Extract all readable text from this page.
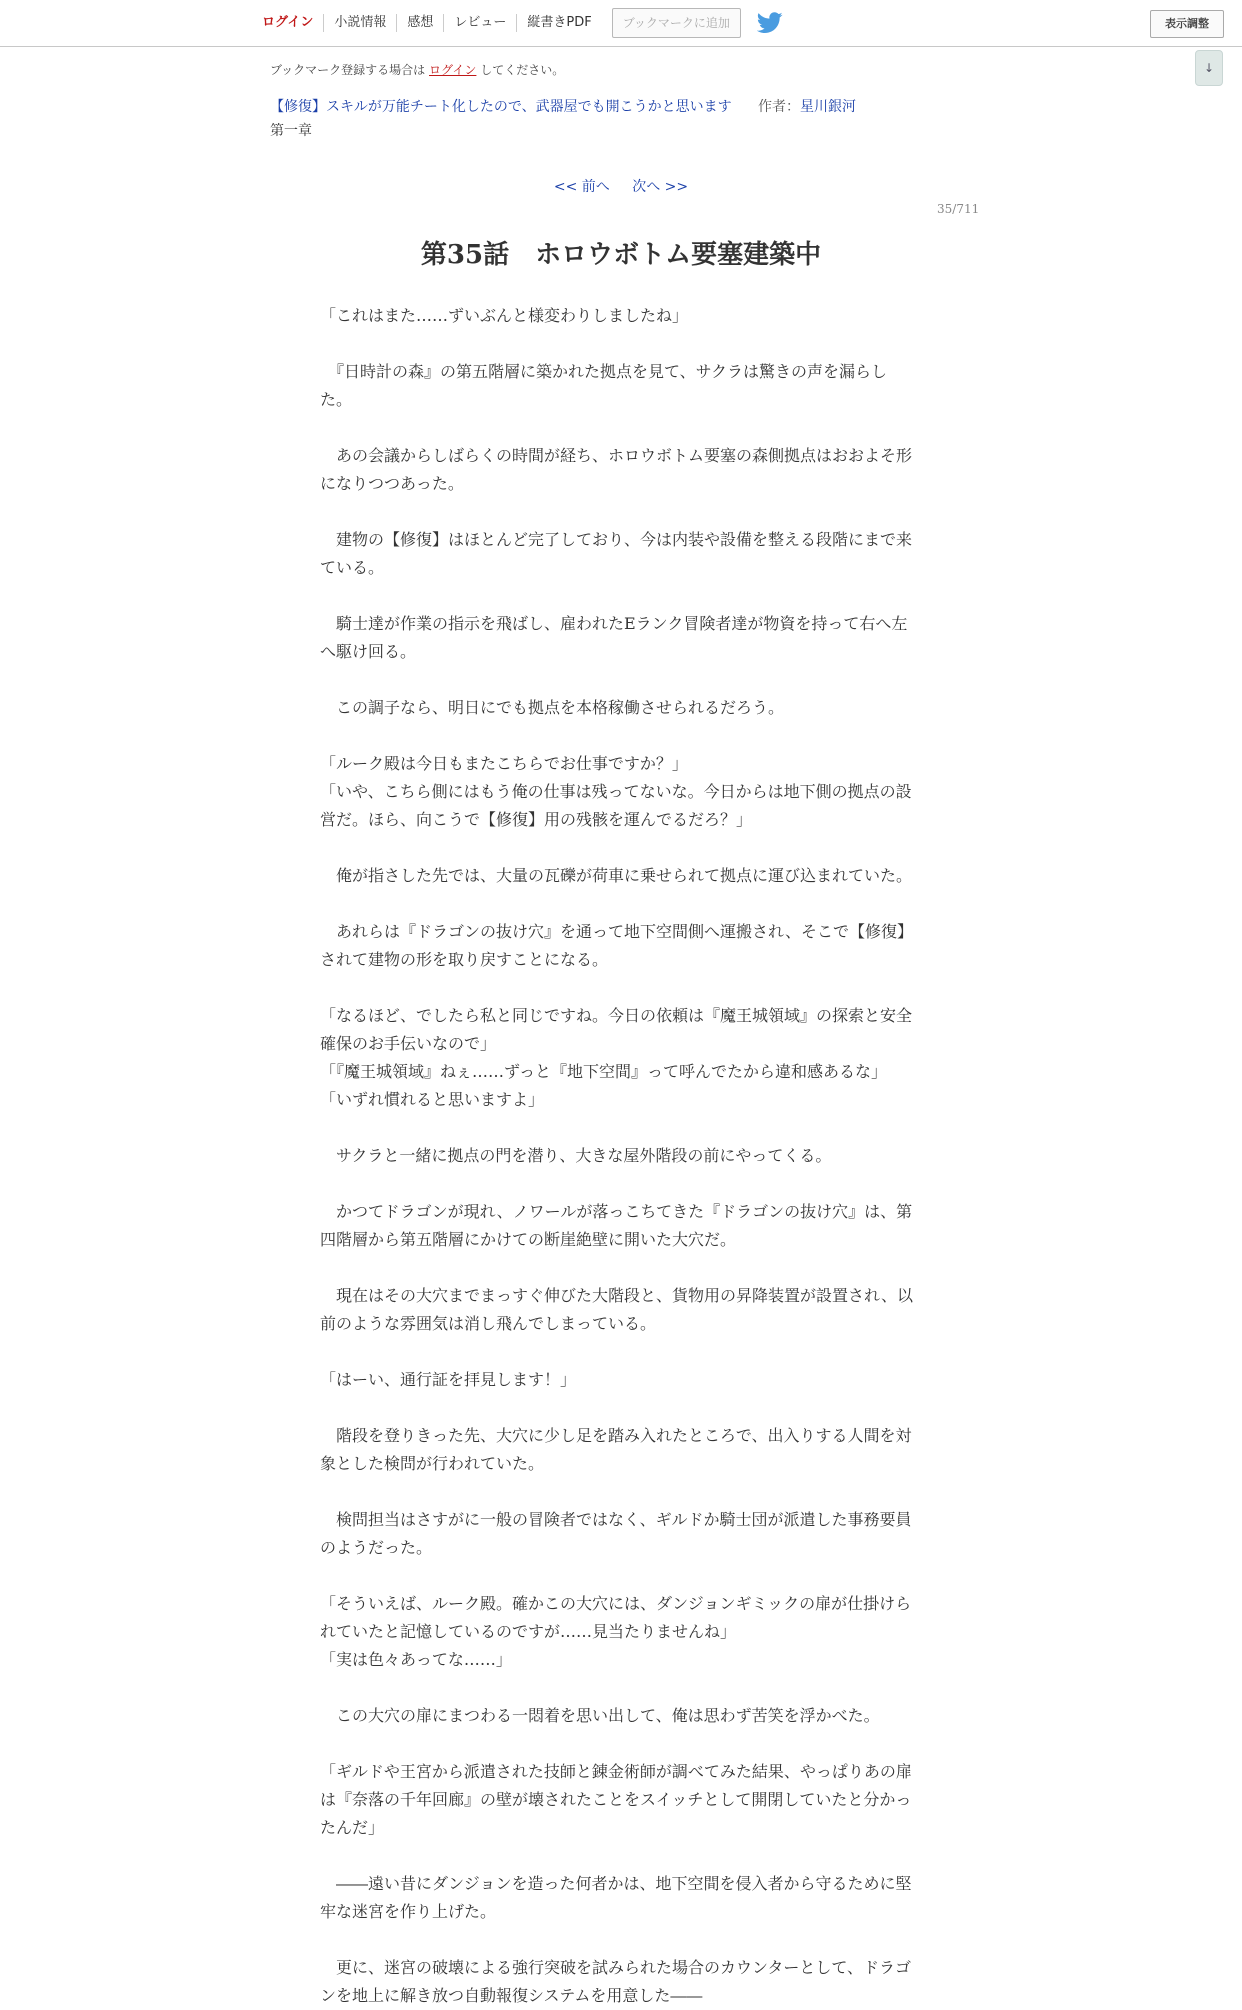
ログイン	小説情報	感想	レビュー	縦書きPDF	ブックマークに追加	表示調整
↓
ブックマーク登録する場合は ログイン してください。
【修復】スキルが万能チート化したので、武器屋でも開こうかと思います 作者：星川銀河
第一章
<< 前へ 次へ >>
35/711
第35話　ホロウボトム要塞建築中

「これはまた……ずいぶんと様変わりしましたね」

　『日時計の森』の第五階層に築かれた拠点を見て、サクラは驚きの声を漏らした。

　あの会議からしばらくの時間が経ち、ホロウボトム要塞の森側拠点はおおよそ形になりつつあった。

　建物の【修復】はほとんど完了しており、今は内装や設備を整える段階にまで来ている。

　騎士達が作業の指示を飛ばし、雇われたEランク冒険者達が物資を持って右へ左へ駆け回る。

　この調子なら、明日にでも拠点を本格稼働させられるだろう。

「ルーク殿は今日もまたこちらでお仕事ですか？」

「いや、こちら側にはもう俺の仕事は残ってないな。今日からは地下側の拠点の設営だ。ほら、向こうで【修復】用の残骸を運んでるだろ？」

　俺が指さした先では、大量の瓦礫が荷車に乗せられて拠点に運び込まれていた。

　あれらは『ドラゴンの抜け穴』を通って地下空間側へ運搬され、そこで【修復】されて建物の形を取り戻すことになる。

「なるほど、でしたら私と同じですね。今日の依頼は『魔王城領域』の探索と安全確保のお手伝いなので」

「『魔王城領域』ねぇ……ずっと『地下空間』って呼んでたから違和感あるな」

「いずれ慣れると思いますよ」

　サクラと一緒に拠点の門を潜り、大きな屋外階段の前にやってくる。

　かつてドラゴンが現れ、ノワールが落っこちてきた『ドラゴンの抜け穴』は、第四階層から第五階層にかけての断崖絶壁に開いた大穴だ。

　現在はその大穴までまっすぐ伸びた大階段と、貨物用の昇降装置が設置され、以前のような雰囲気は消し飛んでしまっている。

「はーい、通行証を拝見します！」

　階段を登りきった先、大穴に少し足を踏み入れたところで、出入りする人間を対象とした検問が行われていた。

　検問担当はさすがに一般の冒険者ではなく、ギルドか騎士団が派遣した事務要員のようだった。

「そういえば、ルーク殿。確かこの大穴には、ダンジョンギミックの扉が仕掛けられていたと記憶しているのですが……見当たりませんね」

「実は色々あってな……」

　この大穴の扉にまつわる一悶着を思い出して、俺は思わず苦笑を浮かべた。

「ギルドや王宮から派遣された技師と錬金術師が調べてみた結果、やっぱりあの扉は『奈落の千年回廊』の壁が壊されたことをスイッチとして開閉していたと分かったんだ」

　――遠い昔にダンジョンを造った何者かは、地下空間を侵入者から守るために堅牢な迷宮を作り上げた。

　更に、迷宮の破壊による強行突破を試みられた場合のカウンターとして、ドラゴンを地上に解き放つ自動報復システムを用意した――
